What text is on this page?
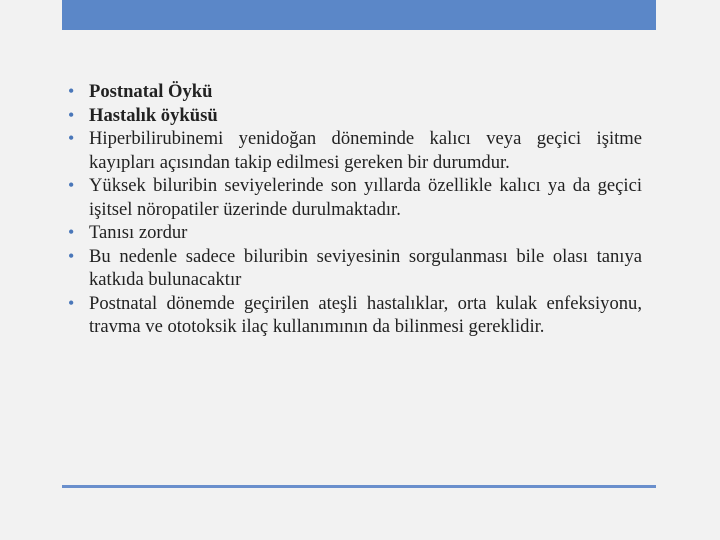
• Postnatal Öykü
• Hastalık öyküsü
• Hiperbilirubinemi yenidoğan döneminde kalıcı veya geçici işitme kayıpları açısından takip edilmesi gereken bir durumdur.
• Yüksek biluribin seviyelerinde son yıllarda özellikle kalıcı ya da geçici işitsel nöropatiler üzerinde durulmaktadır.
• Tanısı zordur
• Bu nedenle sadece biluribin seviyesinin sorgulanması bile olası tanıya katkıda bulunacaktır
• Postnatal dönemde geçirilen ateşli hastalıklar, orta kulak enfeksiyonu, travma ve ototoksik ilaç kullanımının da bilinmesi gereklidir.
